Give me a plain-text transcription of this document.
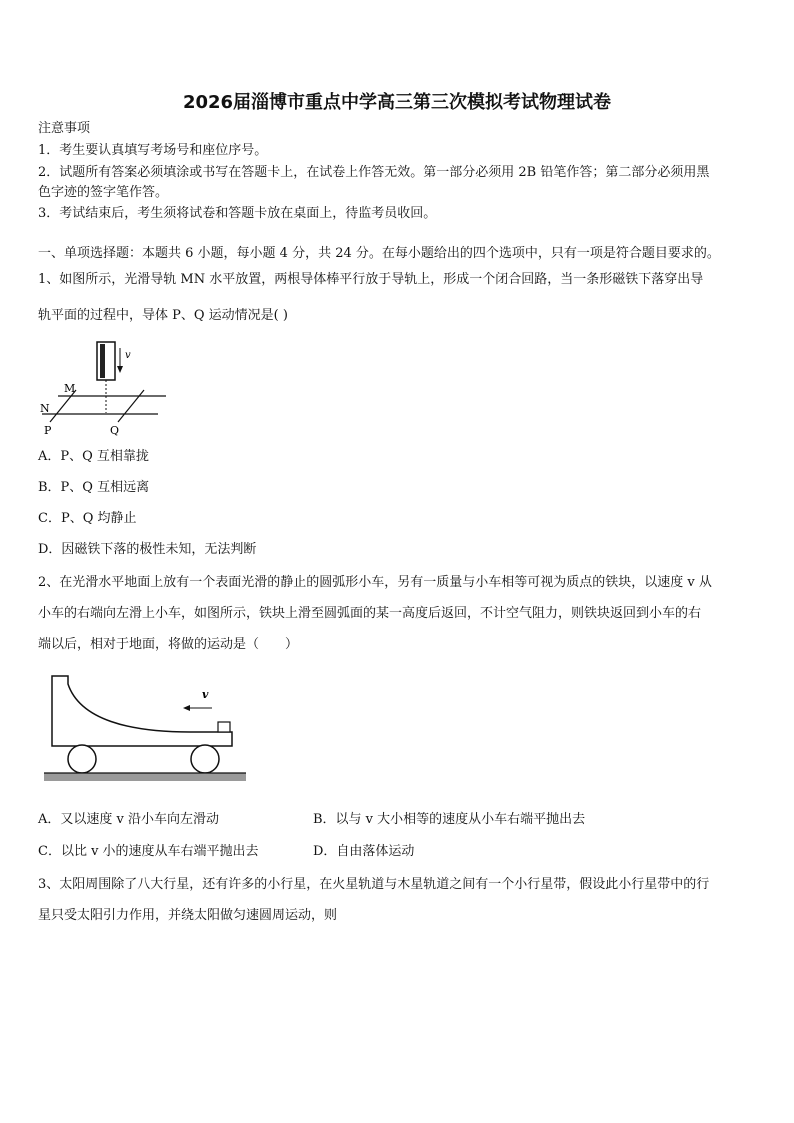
2026届淄博市重点中学高三第三次模拟考试物理试卷
注意事项
1．考生要认真填写考场号和座位序号。
2．试题所有答案必须填涂或书写在答题卡上，在试卷上作答无效。第一部分必须用 2B 铅笔作答；第二部分必须用黑
色字迹的签字笔作答。
3．考试结束后，考生须将试卷和答题卡放在桌面上，待监考员收回。
一、单项选择题：本题共 6 小题，每小题 4 分，共 24 分。在每小题给出的四个选项中，只有一项是符合题目要求的。
1、如图所示，光滑导轨 MN 水平放置，两根导体棒平行放于导轨上，形成一个闭合回路，当一条形磁铁下落穿出导
轨平面的过程中，导体 P、Q 运动情况是( )
v
M
N
P	Q
A．P、Q 互相靠拢
B．P、Q 互相远离
C．P、Q 均静止
D．因磁铁下落的极性未知，无法判断
2、在光滑水平地面上放有一个表面光滑的静止的圆弧形小车，另有一质量与小车相等可视为质点的铁块，以速度 v 从
小车的右端向左滑上小车，如图所示，铁块上滑至圆弧面的某一高度后返回，不计空气阻力，则铁块返回到小车的右
端以后，相对于地面，将做的运动是（　　）
v
A．又以速度 v 沿小车向左滑动	B．以与 v 大小相等的速度从小车右端平抛出去
C．以比 v 小的速度从车右端平抛出去	D．自由落体运动
3、太阳周围除了八大行星，还有许多的小行星，在火星轨道与木星轨道之间有一个小行星带，假设此小行星带中的行
星只受太阳引力作用，并绕太阳做匀速圆周运动，则
